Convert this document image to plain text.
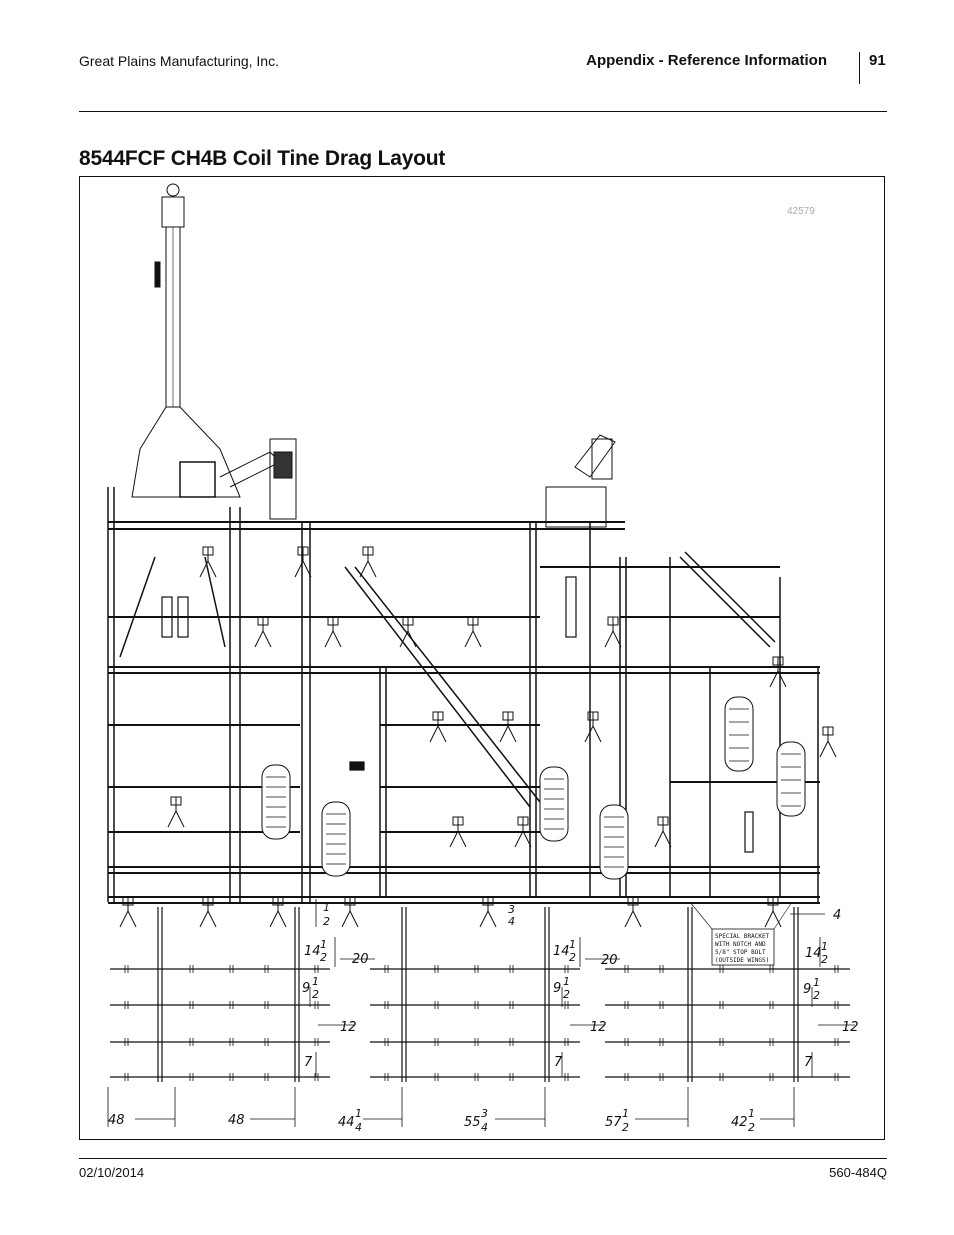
Great Plains Manufacturing, Inc.	Appendix - Reference Information	91
8544FCF CH4B Coil Tine Drag Layout
42579
SPECIAL BRACKET
WITH NOTCH AND
5/8" STOP BOLT
(OUTSIDE WINGS)
1
2
3
4	4
14 1
2	14 1
2	14 1
2
20	20
9 1
2	9 1
2	9 1
2
12	12	12
7	7	7
48	48	44
1
4	55
3
4	57
1
2	42
1
2
02/10/2014	560-484Q
